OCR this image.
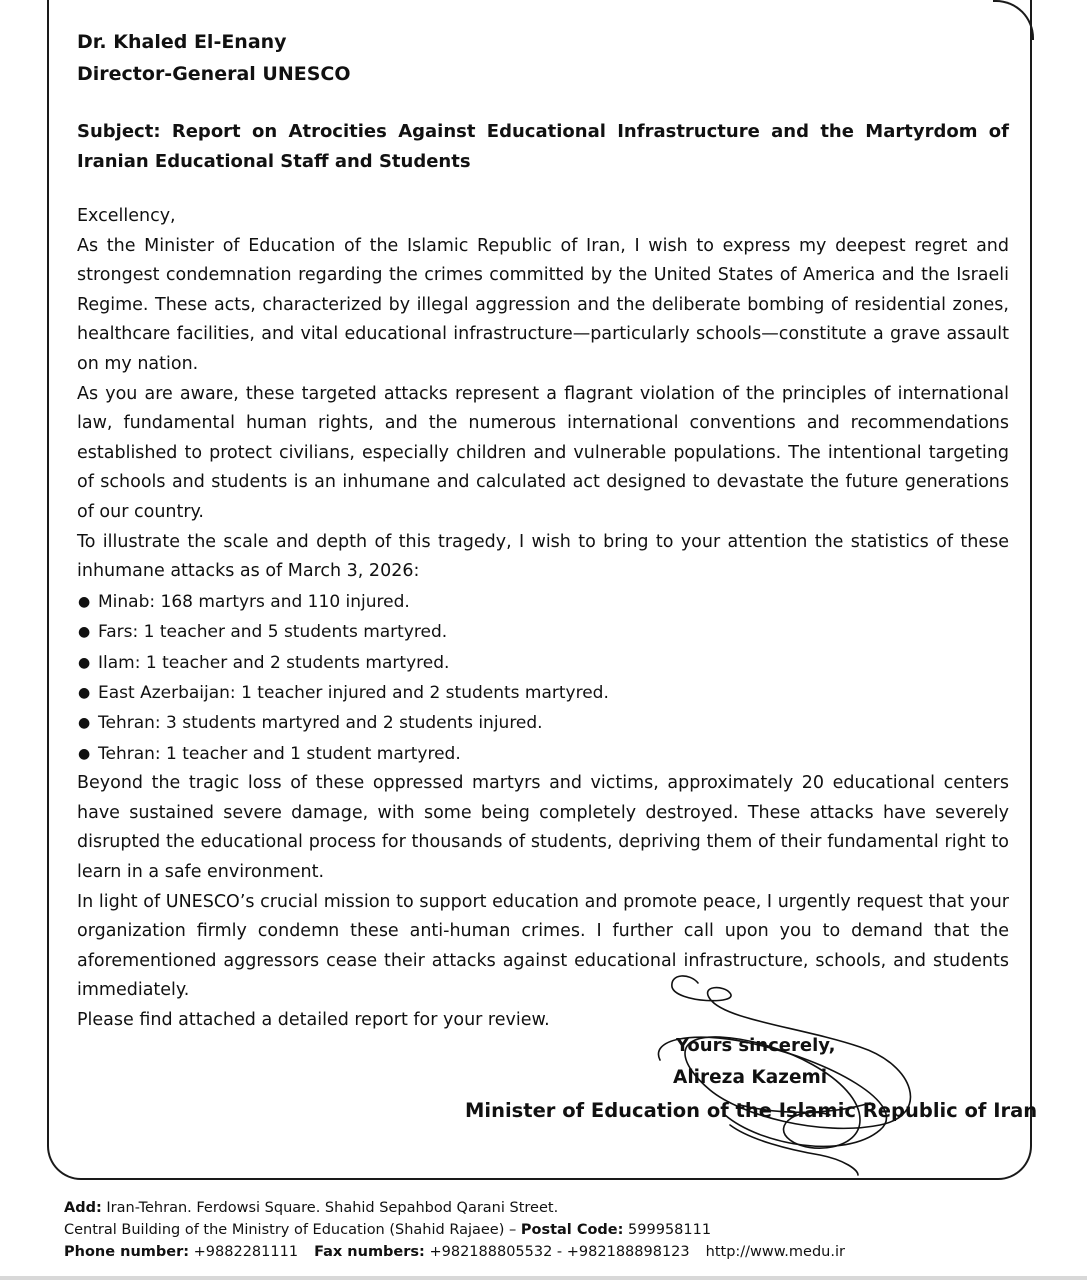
Dr. Khaled El-Enany

Director-General UNESCO

Subject: Report on Atrocities Against Educational Infrastructure and the Martyrdom of Iranian Educational Staff and Students

Excellency,

As the Minister of Education of the Islamic Republic of Iran, I wish to express my deepest regret and strongest condemnation regarding the crimes committed by the United States of America and the Israeli Regime. These acts, characterized by illegal aggression and the deliberate bombing of residential zones, healthcare facilities, and vital educational infrastructure—particularly schools—constitute a grave assault on my nation.

As you are aware, these targeted attacks represent a flagrant violation of the principles of international law, fundamental human rights, and the numerous international conventions and recommendations established to protect civilians, especially children and vulnerable populations. The intentional targeting of schools and students is an inhumane and calculated act designed to devastate the future generations of our country.

To illustrate the scale and depth of this tragedy, I wish to bring to your attention the statistics of these inhumane attacks as of March 3, 2026:

● Minab: 168 martyrs and 110 injured.
● Fars: 1 teacher and 5 students martyred.
● Ilam: 1 teacher and 2 students martyred.
● East Azerbaijan: 1 teacher injured and 2 students martyred.
● Tehran: 3 students martyred and 2 students injured.
● Tehran: 1 teacher and 1 student martyred.

Beyond the tragic loss of these oppressed martyrs and victims, approximately 20 educational centers have sustained severe damage, with some being completely destroyed. These attacks have severely disrupted the educational process for thousands of students, depriving them of their fundamental right to learn in a safe environment.

In light of UNESCO’s crucial mission to support education and promote peace, I urgently request that your organization firmly condemn these anti-human crimes. I further call upon you to demand that the aforementioned aggressors cease their attacks against educational infrastructure, schools, and students immediately.

Please find attached a detailed report for your review.

Yours sincerely,
Alireza Kazemi
Minister of Education of the Islamic Republic of Iran
Add: Iran-Tehran. Ferdowsi Square. Shahid Sepahbod Qarani Street.
Central Building of the Ministry of Education (Shahid Rajaee) – Postal Code: 599958111
Phone number: +9882281111 Fax numbers: +982188805532 - +982188898123 http://www.medu.ir
